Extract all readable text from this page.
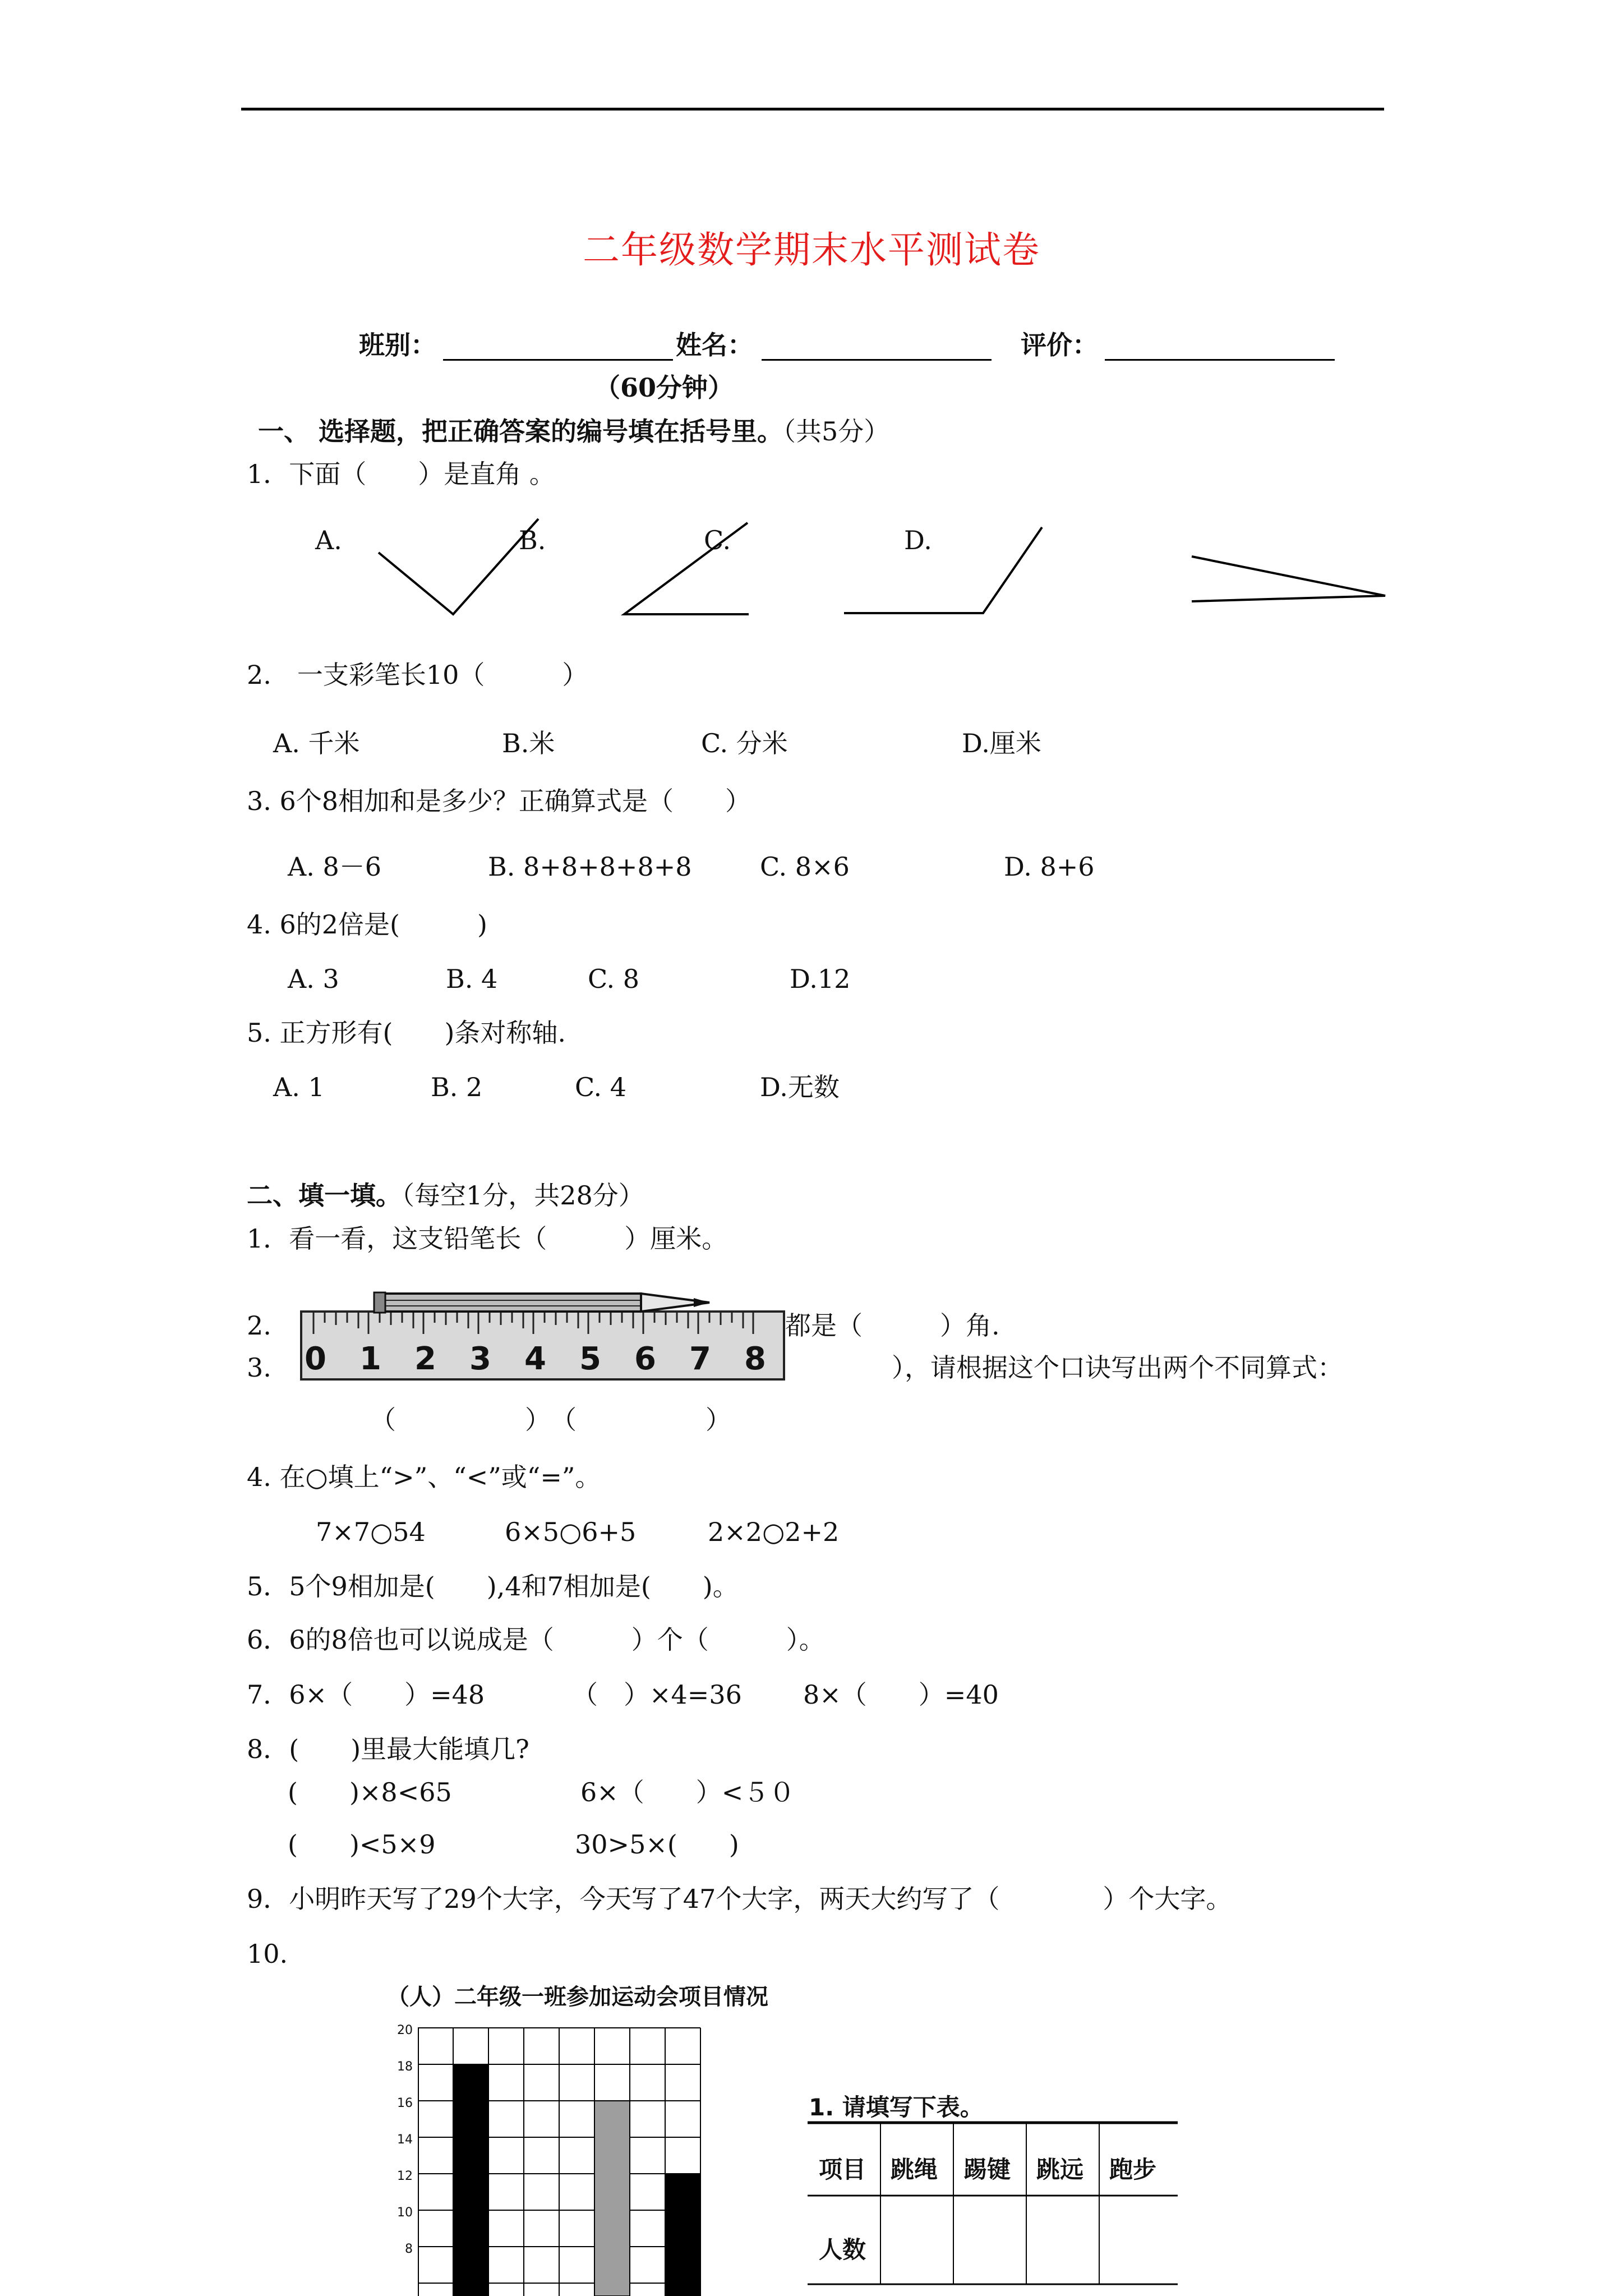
二年级数学期末水平测试卷
班别：	姓名：	评价：
（60分钟）
一、 选择题，把正确答案的编号填在括号里。（共5分）
1．下面（　　）是直角 。
A.	B.	C.	D.
2.　一支彩笔长10（　　　）
A. 千米	B.米	C. 分米	D.厘米
3. 6个8相加和是多少？正确算式是（　　）
A. 8－6	B. 8+8+8+8+8	C. 8×6	D. 8+6
4. 6的2倍是(　　　)
A. 3	B. 4	C. 8	D.12
5. 正方形有(　　)条对称轴.
A. 1	B. 2	C. 4	D.无数
二、填一填。（每空1分，共28分）
1．看一看，这支铅笔长（　　　）厘米。
2.	都是（　　　）角.
3.	），请根据这个口诀写出两个不同算式：
（　　　　　）　（　　　　　）
0 1 2 3 4 5 6 7 8
4. 在○填上“>”、“<”或“=”。
7×7○54	6×5○6+5	2×2○2+2
5．5个9相加是(　　),4和7相加是(　　)。
6．6的8倍也可以说成是（　　　）个（　　　）。
7．6×（　　）=48	（　）×4=36 8×（　　）=40
8．(　　)里最大能填几?
(　　)×8<65	6×（　　）<５０
(　　)<5×9	30>5×(　　)
9．小明昨天写了29个大字，今天写了47个大字，两天大约写了（　　　　）个大字。
10.
（人）二年级一班参加运动会项目情况
20
18
16
14
12
10
8
1. 请填写下表。
项目 跳绳 踢键 跳远 跑步
人数
